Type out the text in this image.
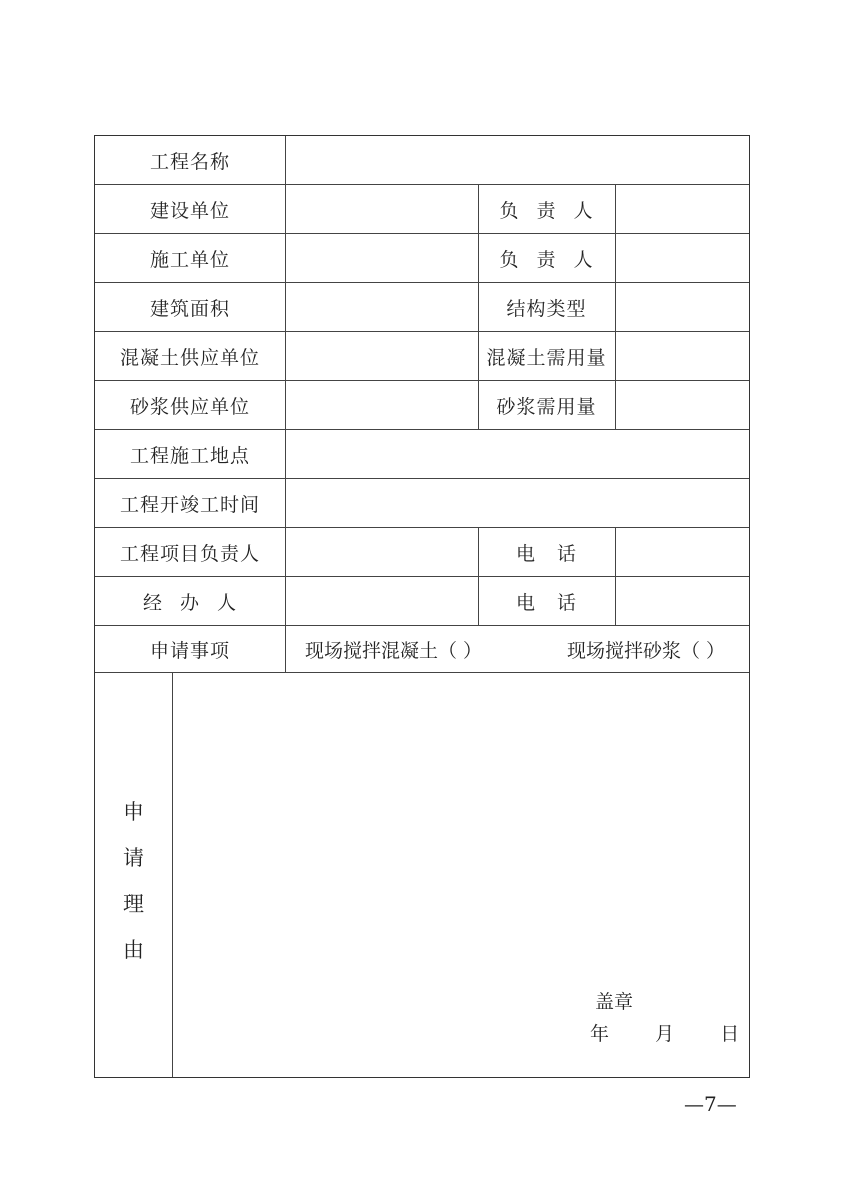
工程名称
建设单位	负 责 人
施工单位	负 责 人
建筑面积	结构类型
混凝土供应单位	混凝土需用量
砂浆供应单位	砂浆需用量
工程施工地点
工程开竣工时间
工程项目负责人	电 话
经 办 人	电 话
申请事项	现场搅拌混凝土（ ）	现场搅拌砂浆（ ）
申
请
理
由
盖章
年 月 日
—7—
